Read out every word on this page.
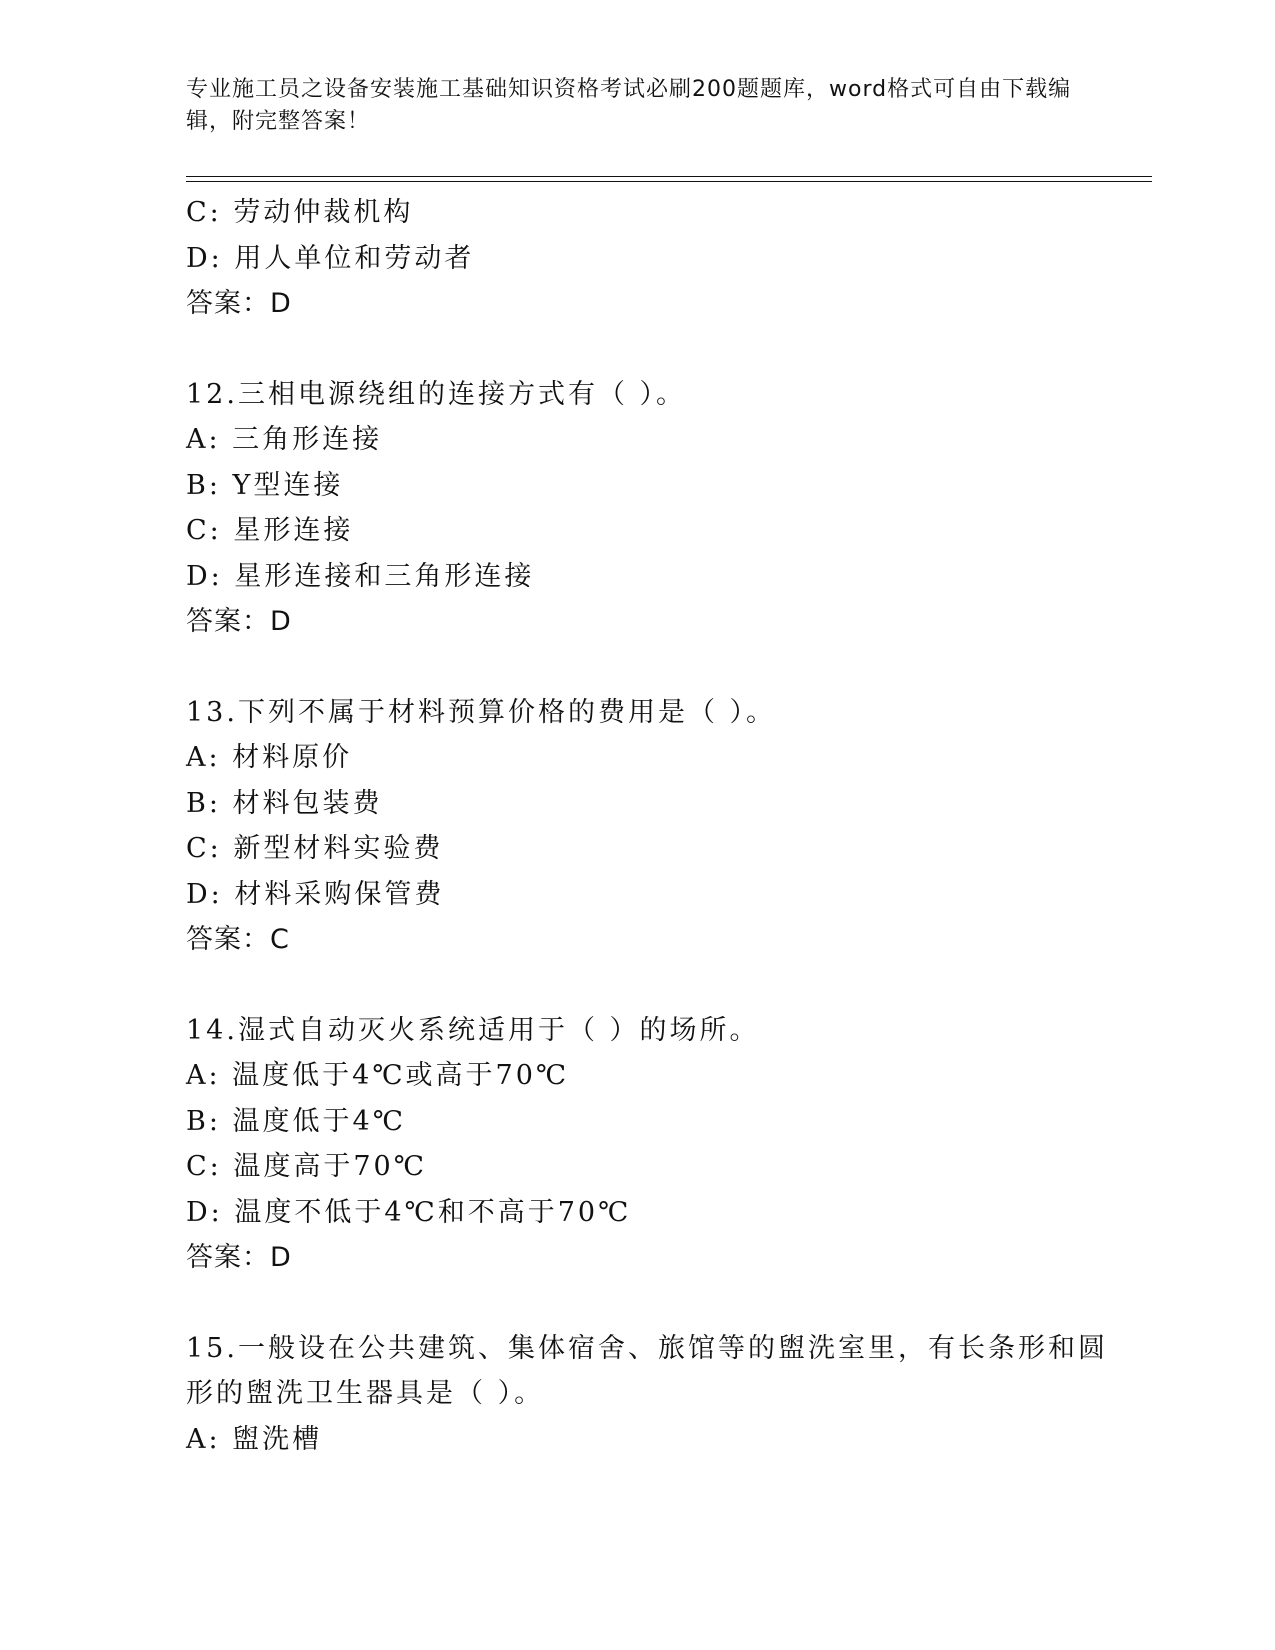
专业施工员之设备安装施工基础知识资格考试必刷200题题库，word格式可自由下载编辑，附完整答案！
C: 劳动仲裁机构
D: 用人单位和劳动者
答案：D
12.三相电源绕组的连接方式有（ ）。
A: 三角形连接
B: Y型连接
C: 星形连接
D: 星形连接和三角形连接
答案：D
13.下列不属于材料预算价格的费用是（ ）。
A: 材料原价
B: 材料包装费
C: 新型材料实验费
D: 材料采购保管费
答案：C
14.湿式自动灭火系统适用于（ ）的场所。
A: 温度低于4℃或高于70℃
B: 温度低于4℃
C: 温度高于70℃
D: 温度不低于4℃和不高于70℃
答案：D
15.一般设在公共建筑、集体宿舍、旅馆等的盥洗室里，有长条形和圆
形的盥洗卫生器具是（ ）。
A: 盥洗槽
